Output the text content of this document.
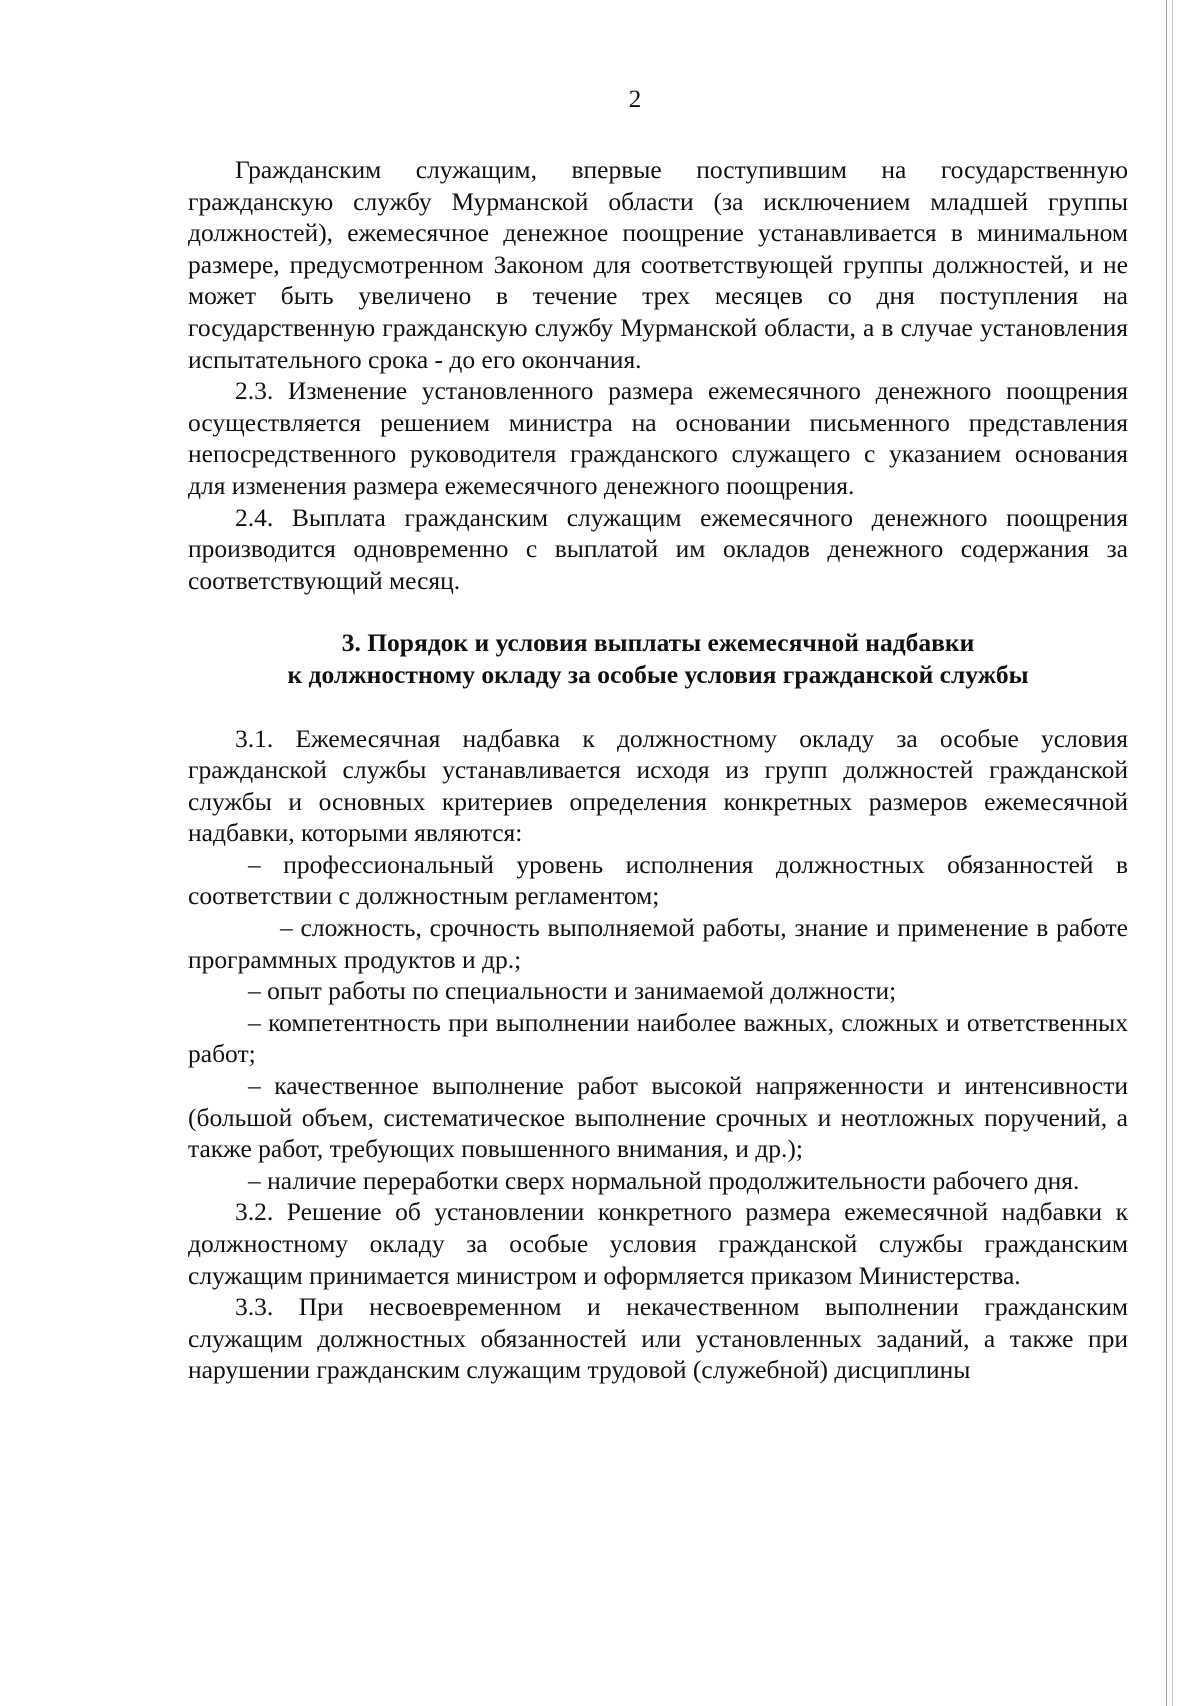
2

Гражданским служащим, впервые поступившим на государственную гражданскую службу Мурманской области (за исключением младшей группы должностей), ежемесячное денежное поощрение устанавливается в минимальном размере, предусмотренном Законом для соответствующей группы должностей, и не может быть увеличено в течение трех месяцев со дня поступления на государственную гражданскую службу Мурманской области, а в случае установления испытательного срока - до его окончания.

2.3. Изменение установленного размера ежемесячного денежного поощрения осуществляется решением министра на основании письменного представления непосредственного руководителя гражданского служащего с указанием основания для изменения размера ежемесячного денежного поощрения.

2.4. Выплата гражданским служащим ежемесячного денежного поощрения производится одновременно с выплатой им окладов денежного содержания за соответствующий месяц.

3. Порядок и условия выплаты ежемесячной надбавки
к должностному окладу за особые условия гражданской службы

3.1. Ежемесячная надбавка к должностному окладу за особые условия гражданской службы устанавливается исходя из групп должностей гражданской службы и основных критериев определения конкретных размеров ежемесячной надбавки, которыми являются:

– профессиональный уровень исполнения должностных обязанностей в соответствии с должностным регламентом;

– сложность, срочность выполняемой работы, знание и применение в работе программных продуктов и др.;

– опыт работы по специальности и занимаемой должности;

– компетентность при выполнении наиболее важных, сложных и ответственных работ;

– качественное выполнение работ высокой напряженности и интенсивности (большой объем, систематическое выполнение срочных и неотложных поручений, а также работ, требующих повышенного внимания, и др.);

– наличие переработки сверх нормальной продолжительности рабочего дня.

3.2. Решение об установлении конкретного размера ежемесячной надбавки к должностному окладу за особые условия гражданской службы гражданским служащим принимается министром и оформляется приказом Министерства.

3.3. При несвоевременном и некачественном выполнении гражданским служащим должностных обязанностей или установленных заданий, а также при нарушении гражданским служащим трудовой (служебной) дисциплины
